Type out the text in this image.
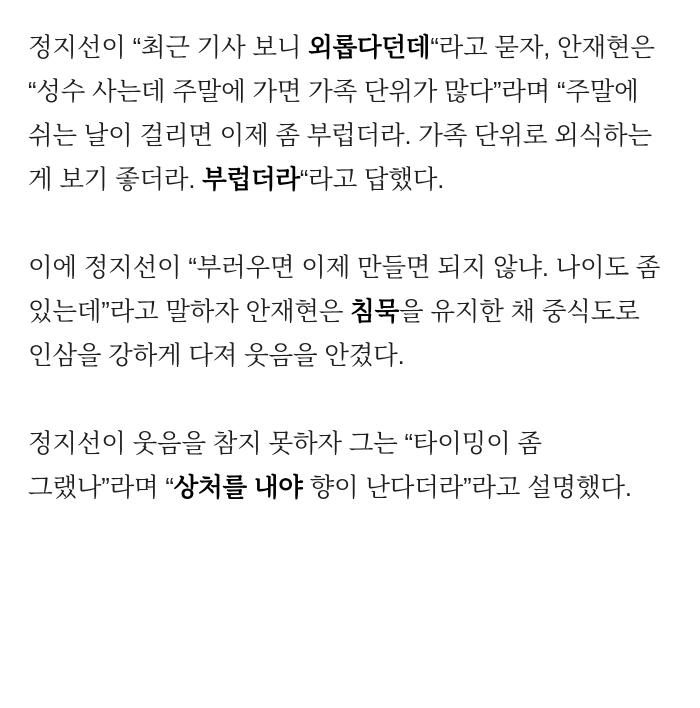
정지선이 “최근 기사 보니 외롭다던데“라고 묻자, 안재현은 “성수 사는데 주말에 가면 가족 단위가 많다”라며 “주말에 쉬는 날이 걸리면 이제 좀 부럽더라. 가족 단위로 외식하는 게 보기 좋더라. 부럽더라“라고 답했다.

이에 정지선이 “부러우면 이제 만들면 되지 않냐. 나이도 좀 있는데”라고 말하자 안재현은 침묵을 유지한 채 중식도로 인삼을 강하게 다져 웃음을 안겼다.

정지선이 웃음을 참지 못하자 그는 “타이밍이 좀 그랬나”라며 “상처를 내야 향이 난다더라”라고 설명했다.
